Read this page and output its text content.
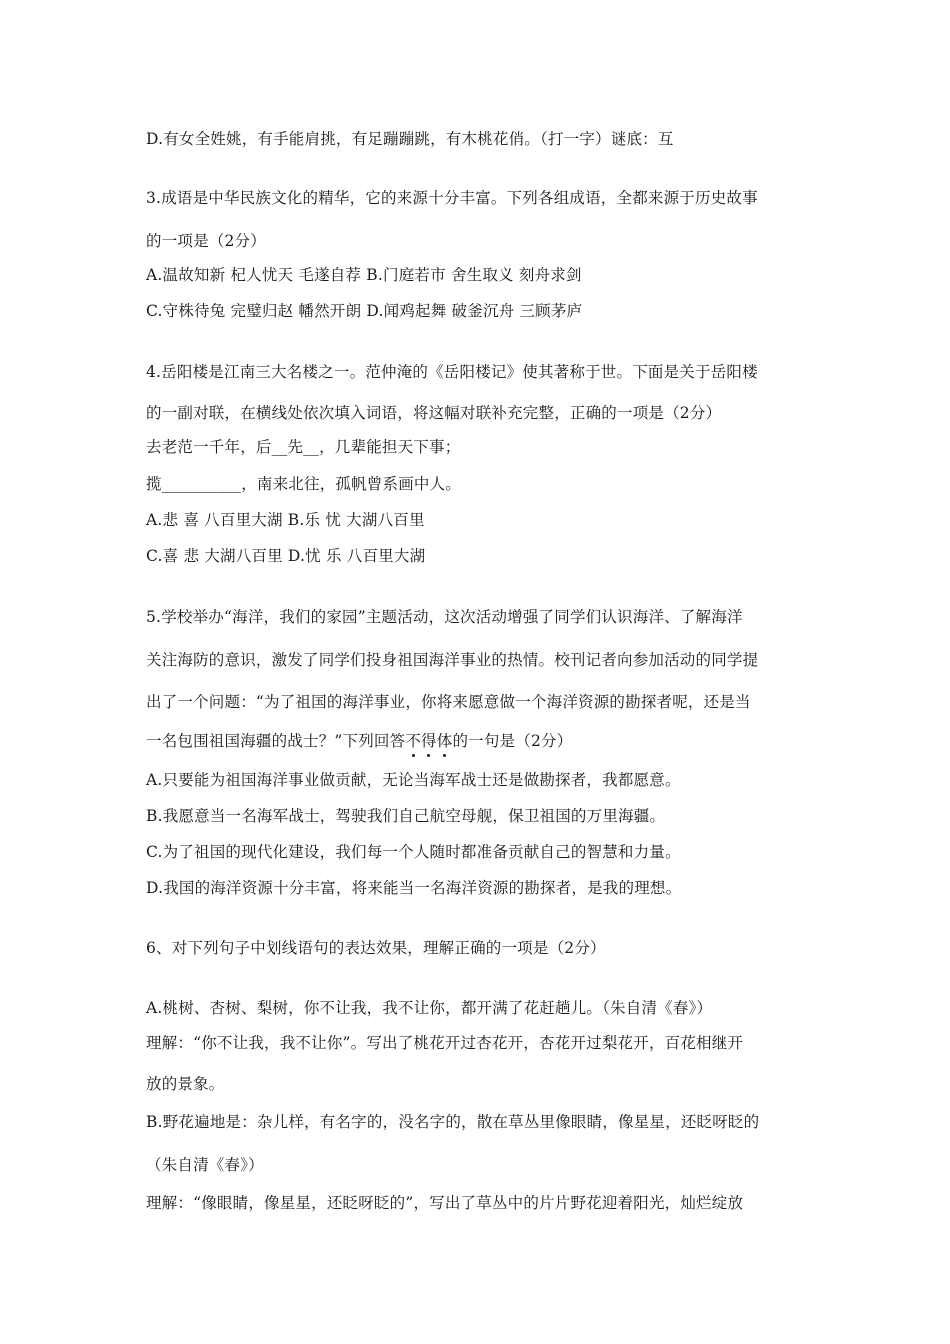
D.有女全姓姚，有手能肩挑，有足蹦蹦跳，有木桃花俏。（打一字）谜底：互
3.成语是中华民族文化的精华，它的来源十分丰富。下列各组成语，全都来源于历史故事
的一项是（2分）
A.温故知新 杞人忧天 毛遂自荐 B.门庭若市 舍生取义 刻舟求剑
C.守株待兔 完璧归赵 幡然开朗 D.闻鸡起舞 破釜沉舟 三顾茅庐
4.岳阳楼是江南三大名楼之一。范仲淹的《岳阳楼记》使其著称于世。下面是关于岳阳楼
的一副对联，在横线处依次填入词语，将这幅对联补充完整，正确的一项是（2分）
去老范一千年，后__先__，几辈能担天下事；
揽__________，南来北往，孤帆曾系画中人。
A.悲 喜 八百里大湖 B.乐 忧 大湖八百里
C.喜 悲 大湖八百里 D.忧 乐 八百里大湖
5.学校举办“海洋，我们的家园”主题活动，这次活动增强了同学们认识海洋、了解海洋
关注海防的意识，激发了同学们投身祖国海洋事业的热情。校刊记者向参加活动的同学提
出了一个问题：“为了祖国的海洋事业，你将来愿意做一个海洋资源的勘探者呢，还是当
一名包围祖国海疆的战士？”下列回答不得体的一句是（2分）
A.只要能为祖国海洋事业做贡献，无论当海军战士还是做勘探者，我都愿意。
B.我愿意当一名海军战士，驾驶我们自己航空母舰，保卫祖国的万里海疆。
C.为了祖国的现代化建设，我们每一个人随时都准备贡献自己的智慧和力量。
D.我国的海洋资源十分丰富，将来能当一名海洋资源的勘探者，是我的理想。
6、对下列句子中划线语句的表达效果，理解正确的一项是（2分）
A.桃树、杏树、梨树，你不让我，我不让你，都开满了花赶趟儿。（朱自清《春》）
理解：“你不让我，我不让你”。写出了桃花开过杏花开，杏花开过梨花开，百花相继开
放的景象。
B.野花遍地是：杂儿样，有名字的，没名字的，散在草丛里像眼睛，像星星，还眨呀眨的
（朱自清《春》）
理解：“像眼睛，像星星，还眨呀眨的”，写出了草丛中的片片野花迎着阳光，灿烂绽放
